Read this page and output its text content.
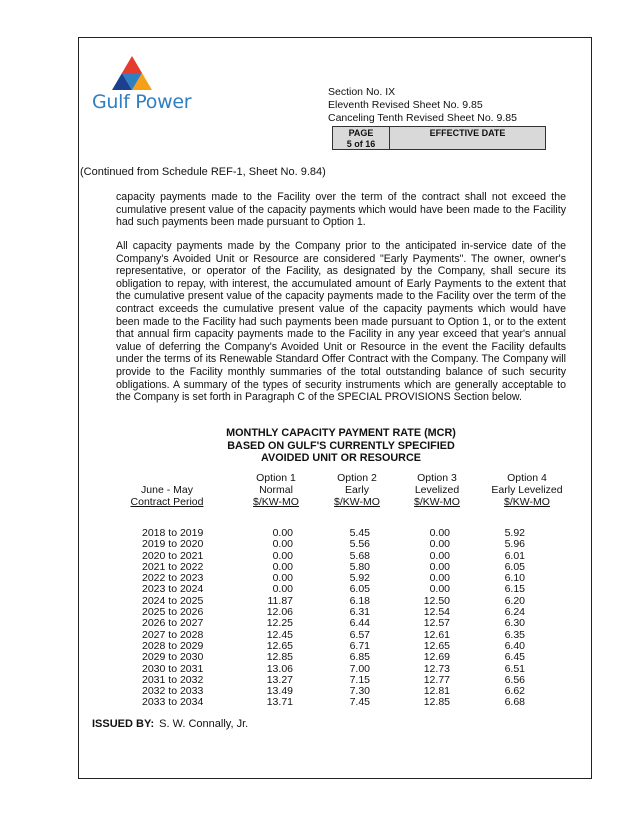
Gulf Power	Section No. IX
Eleventh Revised Sheet No. 9.85
Canceling Tenth Revised Sheet No. 9.85
PAGE
5 of 16
EFFECTIVE DATE
(Continued from Schedule REF-1, Sheet No. 9.84)

capacity payments made to the Facility over the term of the contract shall not exceed the cumulative present value of the capacity payments which would have been made to the Facility had such payments been made pursuant to Option 1.

All capacity payments made by the Company prior to the anticipated in-service date of the Company's Avoided Unit or Resource are considered "Early Payments". The owner, owner's representative, or operator of the Facility, as designated by the Company, shall secure its obligation to repay, with interest, the accumulated amount of Early Payments to the extent that the cumulative present value of the capacity payments made to the Facility over the term of the contract exceeds the cumulative present value of the capacity payments which would have been made to the Facility had such payments been made pursuant to Option 1, or to the extent that annual firm capacity payments made to the Facility in any year exceed that year's annual value of deferring the Company's Avoided Unit or Resource in the event the Facility defaults under the terms of its Renewable Standard Offer Contract with the Company. The Company will provide to the Facility monthly summaries of the total outstanding balance of such security obligations. A summary of the types of security instruments which are generally acceptable to the Company is set forth in Paragraph C of the SPECIAL PROVISIONS Section below.

MONTHLY CAPACITY PAYMENT RATE (MCR)
BASED ON GULF'S CURRENTLY SPECIFIED
AVOIDED UNIT OR RESOURCE

June - May
Contract Period
Option 1
Normal
$/KW-MO
Option 2
Early
$/KW-MO
Option 3
Levelized
$/KW-MO
Option 4
Early Levelized
$/KW-MO
2018 to 2019	0.00	5.45	0.00	5.92
2019 to 2020	0.00	5.56	0.00	5.96
2020 to 2021	0.00	5.68	0.00	6.01
2021 to 2022	0.00	5.80	0.00	6.05
2022 to 2023	0.00	5.92	0.00	6.10
2023 to 2024	0.00	6.05	0.00	6.15
2024 to 2025	11.87	6.18	12.50	6.20
2025 to 2026	12.06	6.31	12.54	6.24
2026 to 2027	12.25	6.44	12.57	6.30
2027 to 2028	12.45	6.57	12.61	6.35
2028 to 2029	12.65	6.71	12.65	6.40
2029 to 2030	12.85	6.85	12.69	6.45
2030 to 2031	13.06	7.00	12.73	6.51
2031 to 2032	13.27	7.15	12.77	6.56
2032 to 2033	13.49	7.30	12.81	6.62
2033 to 2034	13.71	7.45	12.85	6.68
ISSUED BY: S. W. Connally, Jr.
